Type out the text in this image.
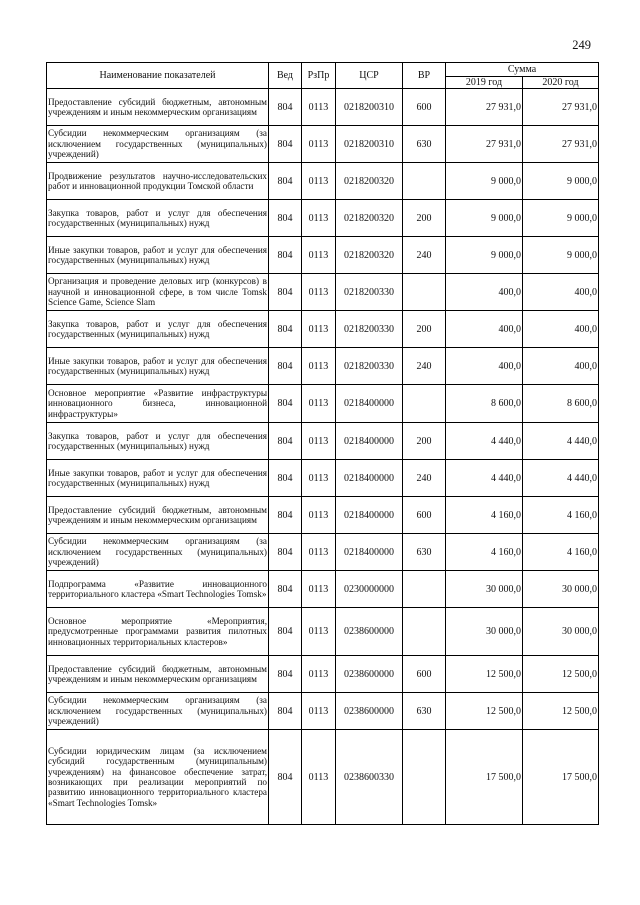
249
Наименование показателей	Вед	РзПр	ЦСР	ВР	Сумма	
					2019 год	2020 год
Предоставление субсидий бюджетным, автономным учреждениям и иным некоммерческим организациям	804	0113	0218200310	600	27 931,0	27 931,0
Субсидии некоммерческим организациям (за исключением государственных (муниципальных) учреждений)	804	0113	0218200310	630	27 931,0	27 931,0
Продвижение результатов научно-исследовательских работ и инновационной продукции Томской области	804	0113	0218200320		9 000,0	9 000,0
Закупка товаров, работ и услуг для обеспечения государственных (муниципальных) нужд	804	0113	0218200320	200	9 000,0	9 000,0
Иные закупки товаров, работ и услуг для обеспечения государственных (муниципальных) нужд	804	0113	0218200320	240	9 000,0	9 000,0
Организация и проведение деловых игр (конкурсов) в научной и инновационной сфере, в том числе Tomsk Science Game, Science Slam	804	0113	0218200330		400,0	400,0
Закупка товаров, работ и услуг для обеспечения государственных (муниципальных) нужд	804	0113	0218200330	200	400,0	400,0
Иные закупки товаров, работ и услуг для обеспечения государственных (муниципальных) нужд	804	0113	0218200330	240	400,0	400,0
Основное мероприятие «Развитие инфраструктуры инновационного бизнеса, инновационной инфраструктуры»	804	0113	0218400000		8 600,0	8 600,0
Закупка товаров, работ и услуг для обеспечения государственных (муниципальных) нужд	804	0113	0218400000	200	4 440,0	4 440,0
Иные закупки товаров, работ и услуг для обеспечения государственных (муниципальных) нужд	804	0113	0218400000	240	4 440,0	4 440,0
Предоставление субсидий бюджетным, автономным учреждениям и иным некоммерческим организациям	804	0113	0218400000	600	4 160,0	4 160,0
Субсидии некоммерческим организациям (за исключением государственных (муниципальных) учреждений)	804	0113	0218400000	630	4 160,0	4 160,0
Подпрограмма «Развитие инновационного территориального кластера «Smart Technologies Tomsk»	804	0113	0230000000		30 000,0	30 000,0
Основное мероприятие «Мероприятия, предусмотренные программами развития пилотных инновационных территориальных кластеров»	804	0113	0238600000		30 000,0	30 000,0
Предоставление субсидий бюджетным, автономным учреждениям и иным некоммерческим организациям	804	0113	0238600000	600	12 500,0	12 500,0
Субсидии некоммерческим организациям (за исключением государственных (муниципальных) учреждений)	804	0113	0238600000	630	12 500,0	12 500,0
Субсидии юридическим лицам (за исключением субсидий государственным (муниципальным) учреждениям) на финансовое обеспечение затрат, возникающих при реализации мероприятий по развитию инновационного территориального кластера «Smart Technologies Tomsk»	804	0113	0238600330		17 500,0	17 500,0
